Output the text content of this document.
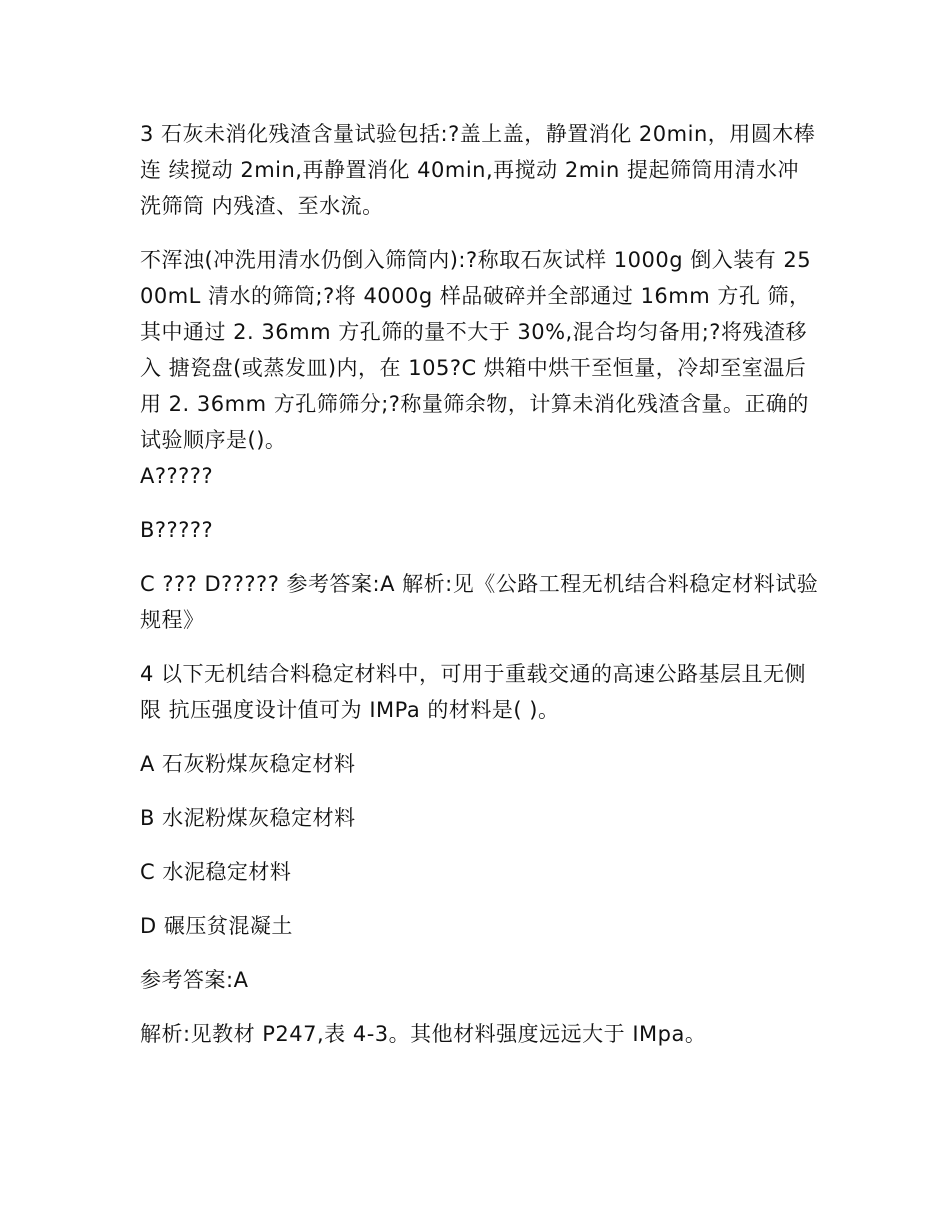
3 石灰未消化残渣含量试验包括:?盖上盖，静置消化 20min，用圆木棒连 续搅动 2min,再静置消化 40min,再搅动 2min 提起筛筒用清水冲洗筛筒 内残渣、至水流。

不浑浊(冲洗用清水仍倒入筛筒内):?称取石灰试样 1000g 倒入装有 2500mL 清水的筛筒;?将 4000g 样品破碎并全部通过 16mm 方孔 筛，其中通过 2. 36mm 方孔筛的量不大于 30%,混合均匀备用;?将残渣移入 搪瓷盘(或蒸发皿)内，在 105?C 烘箱中烘干至恒量，冷却至室温后用 2. 36mm 方孔筛筛分;?称量筛余物，计算未消化残渣含量。正确的试验顺序是()。

A?????

B?????

C ??? D????? 参考答案:A 解析:见《公路工程无机结合料稳定材料试验规程》

4 以下无机结合料稳定材料中，可用于重载交通的高速公路基层且无侧限 抗压强度设计值可为 IMPa 的材料是( )。

A 石灰粉煤灰稳定材料

B 水泥粉煤灰稳定材料

C 水泥稳定材料

D 碾压贫混凝土

参考答案:A

解析:见教材 P247,表 4-3。其他材料强度远远大于 IMpa。
